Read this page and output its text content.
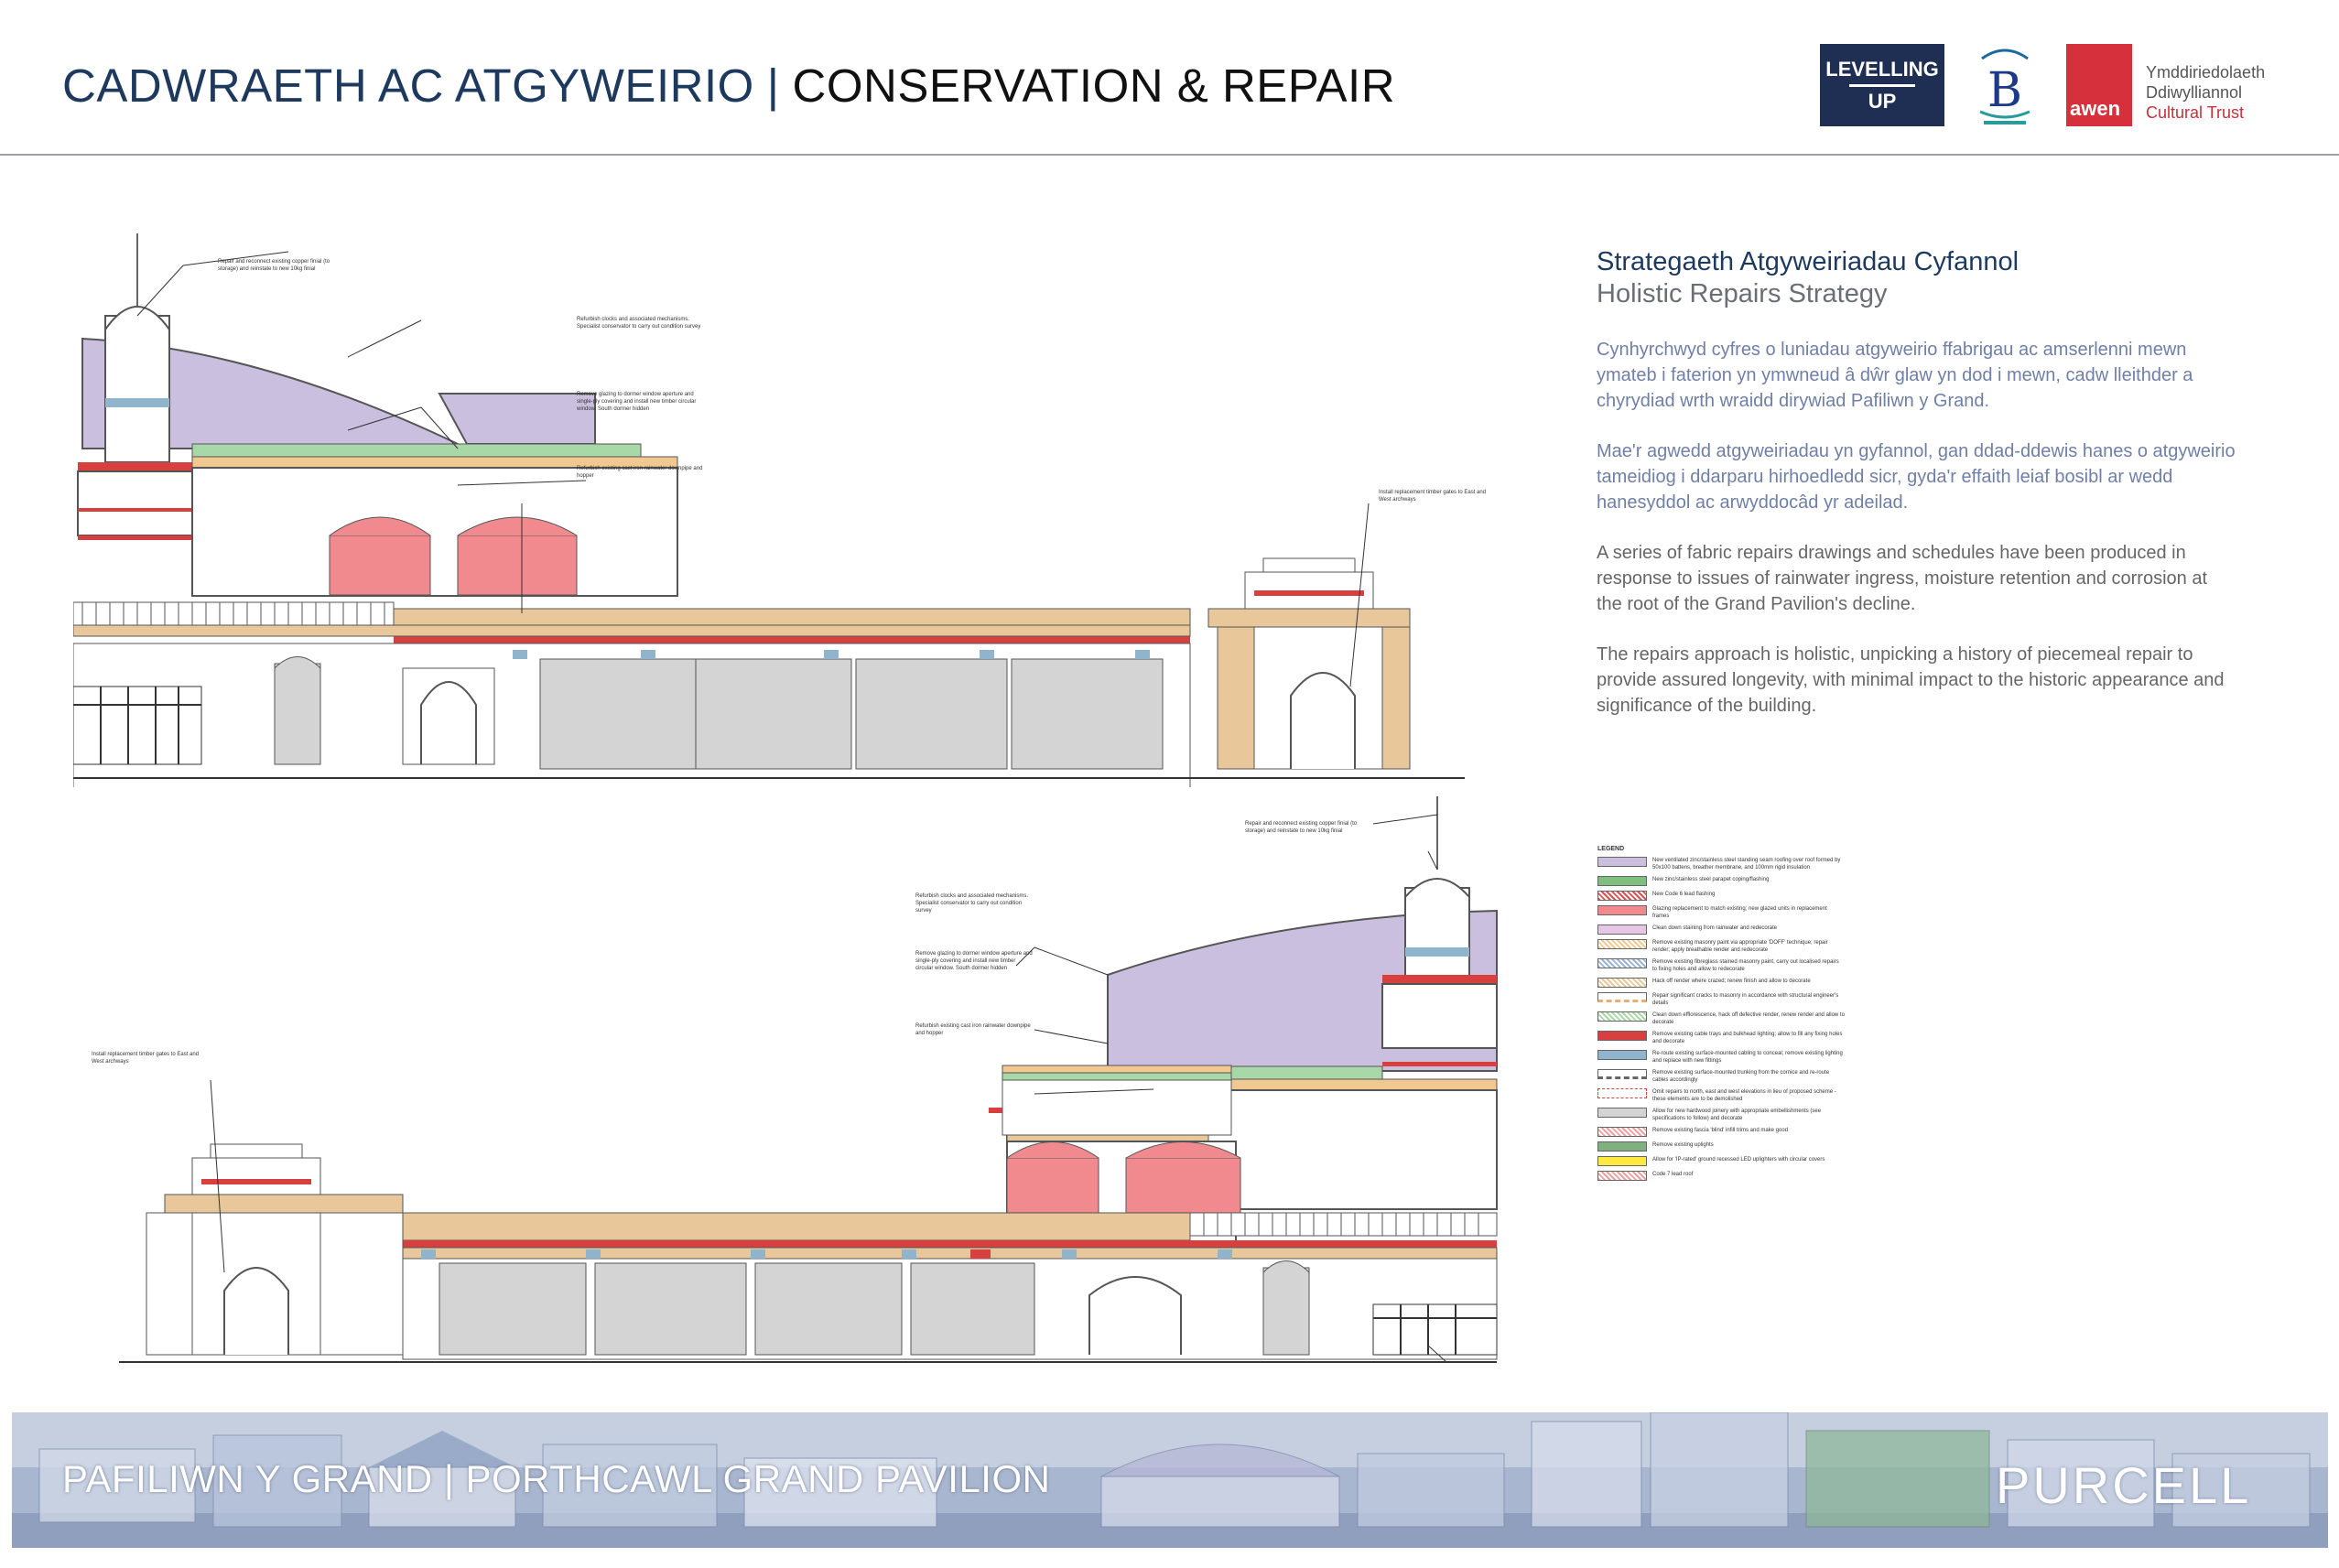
CADWRAETH AC ATGYWEIRIO | CONSERVATION & REPAIR	LEVELLING
UP	B awen
Ymddiriedolaeth
Ddiwylliannol
Cultural Trust
Repair and reconnect existing copper finial (to storage) and reinstate to new 10kg finial
Refurbish clocks and associated mechanisms. Specialist conservator to carry out condition survey
Remove glazing to dormer window aperture and single-ply covering and install new timber circular window. South dormer hidden
Refurbish existing cast iron rainwater downpipe and hopper
Install replacement timber gates to East and West archways
Repair and reconnect existing copper finial (to storage) and reinstate to new 10kg finial
Refurbish clocks and associated mechanisms. Specialist conservator to carry out condition survey
Remove glazing to dormer window aperture and single-ply covering and install new timber circular window. South dormer hidden
Refurbish existing cast iron rainwater downpipe and hopper
Install replacement timber gates to East and West archways
Strategaeth Atgyweiriadau Cyfannol
Holistic Repairs Strategy

Cynhyrchwyd cyfres o luniadau atgyweirio ffabrigau ac amserlenni mewn ymateb i faterion yn ymwneud â dŵr glaw yn dod i mewn, cadw lleithder a chyrydiad wrth wraidd dirywiad Pafiliwn y Grand.

Mae'r agwedd atgyweiriadau yn gyfannol, gan ddad-ddewis hanes o atgyweirio tameidiog i ddarparu hirhoedledd sicr, gyda'r effaith leiaf bosibl ar wedd hanesyddol ac arwyddocâd yr adeilad.

A series of fabric repairs drawings and schedules have been produced in response to issues of rainwater ingress, moisture retention and corrosion at the root of the Grand Pavilion's decline.

The repairs approach is holistic, unpicking a history of piecemeal repair to provide assured longevity, with minimal impact to the historic appearance and significance of the building.

LEGEND
New ventilated zinc/stainless steel standing seam roofing over roof formed by 50x100 battens, breather membrane, and 100mm rigid insulation
New zinc/stainless steel parapet coping/flashing
New Code 6 lead flashing
Glazing replacement to match existing; new glazed units in replacement frames
Clean down staining from rainwater and redecorate
Remove existing masonry paint via appropriate 'DOFF' technique; repair render; apply breathable render and redecorate
Remove existing fibreglass stained masonry paint, carry out localised repairs to fixing holes and allow to redecorate
Hack off render where crazed; renew finish and allow to decorate
Repair significant cracks to masonry in accordance with structural engineer's details
Clean down efflorescence, hack off defective render, renew render and allow to decorate
Remove existing cable trays and bulkhead lighting; allow to fill any fixing holes and decorate
Re-route existing surface-mounted cabling to conceal; remove existing lighting and replace with new fittings
Remove existing surface-mounted trunking from the cornice and re-route cables accordingly
Omit repairs to north, east and west elevations in lieu of proposed scheme - these elements are to be demolished
Allow for new hardwood joinery with appropriate embellishments (see specifications to follow) and decorate
Remove existing fascia 'blind' infill trims and make good
Remove existing uplights
Allow for 'IP-rated' ground recessed LED uplighters with circular covers
Code 7 lead roof
PAFILIWN Y GRAND | PORTHCAWL GRAND PAVILION	PURCELL
